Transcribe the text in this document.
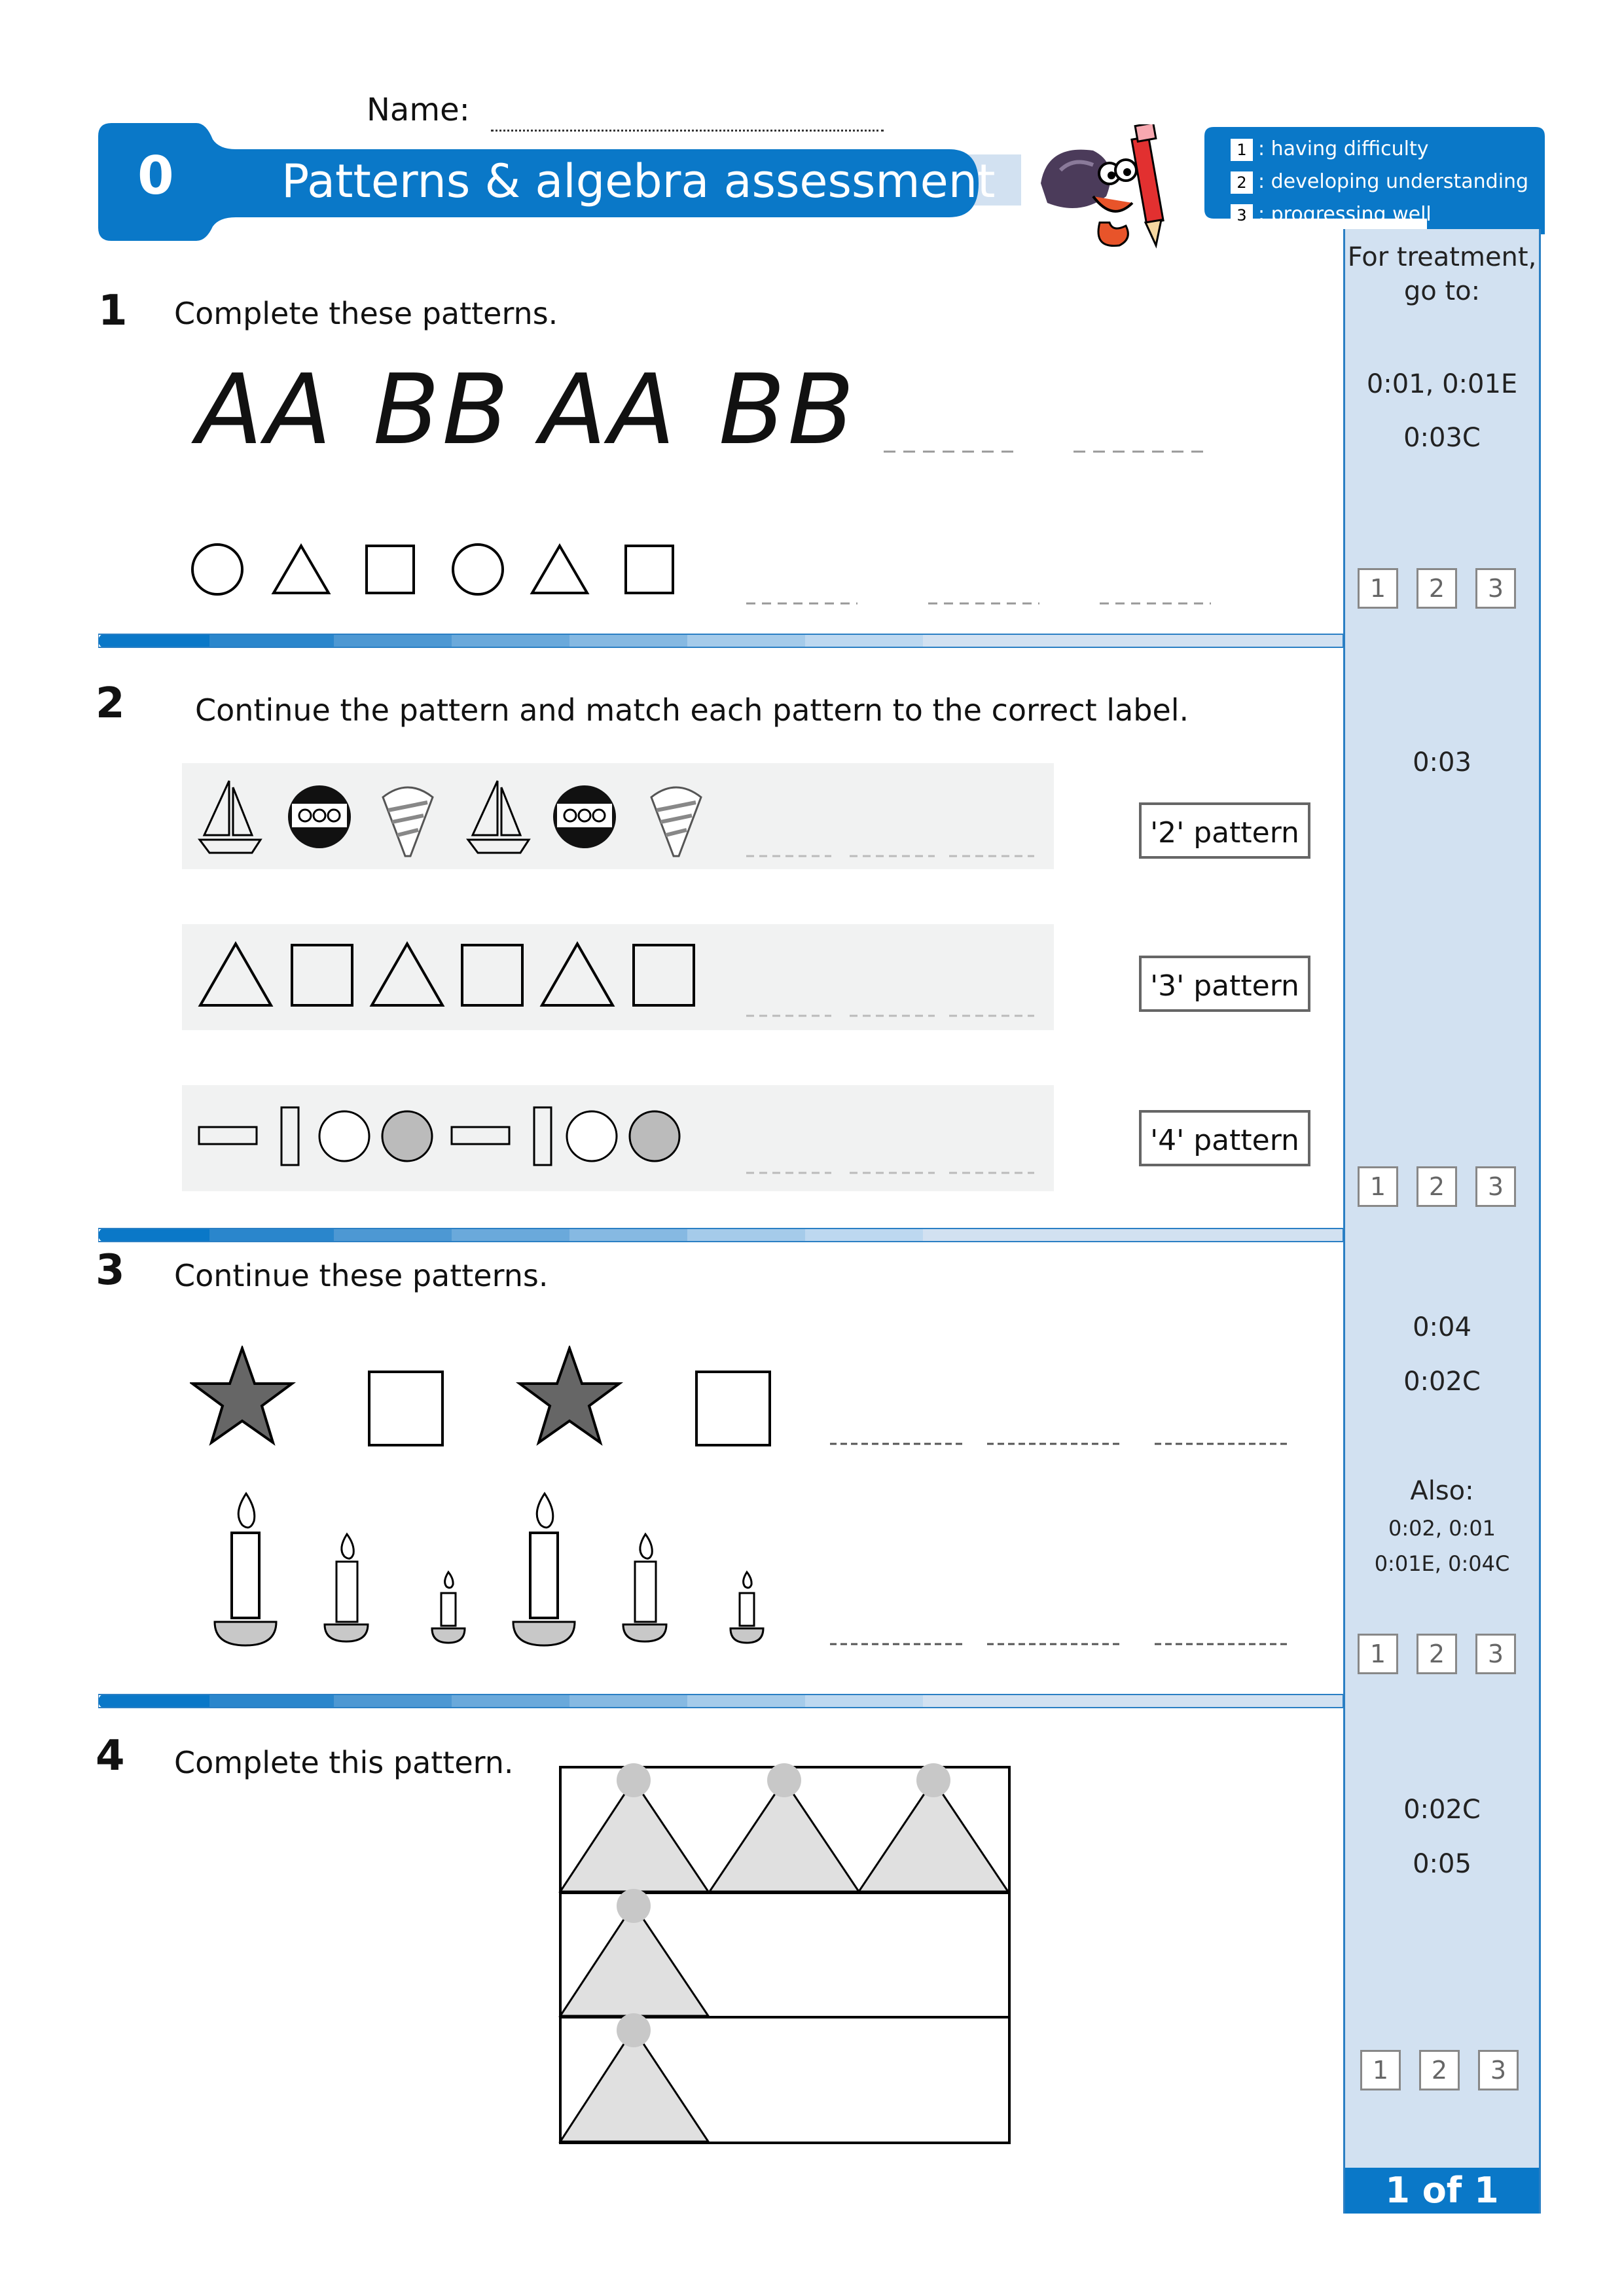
Name:
0 Patterns & algebra assessment
1 : having difficulty
2 : developing understanding
3 : progressing well
For treatment,
go to:
0:01, 0:01E
0:03C
0:03
0:04
0:02C
Also:
0:02, 0:01
0:01E, 0:04C
0:02C
0:05
1 of 1
1	2	3
1	2	3
1	2	3
1	2	3
1 Complete these patterns.
AA BB AA BB
2 Continue the pattern and match each pattern to the correct label.
'2' pattern
'3' pattern
'4' pattern
3 Continue these patterns.
4 Complete this pattern.
